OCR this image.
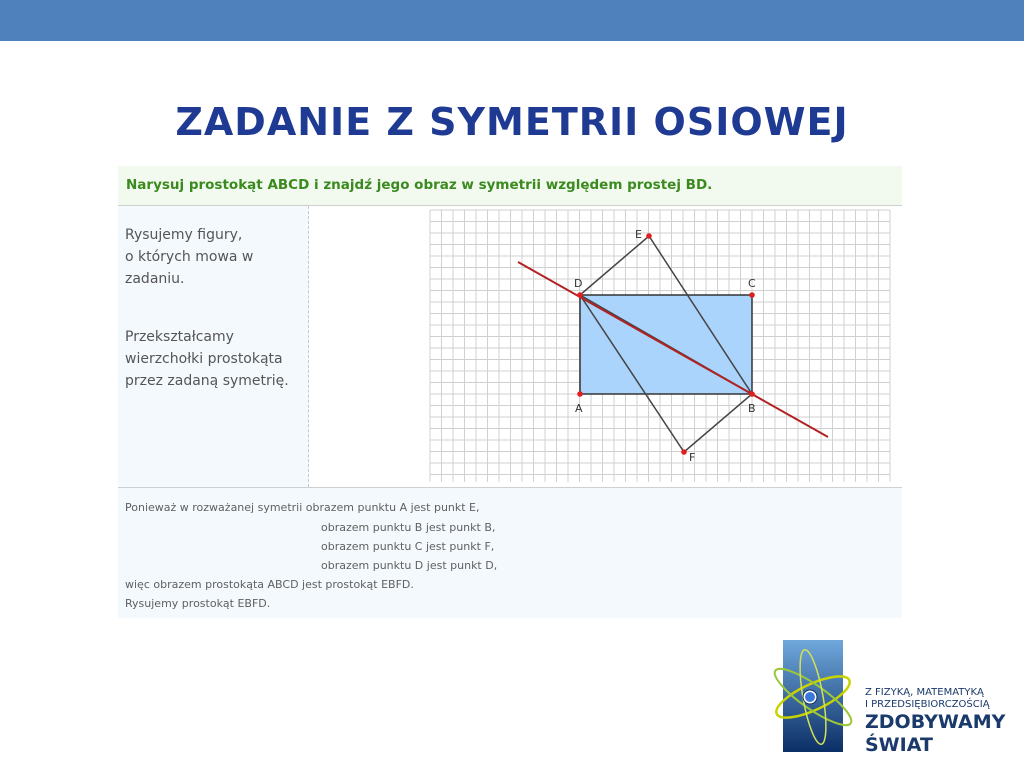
ZADANIE Z SYMETRII OSIOWEJ
Narysuj prostokąt ABCD i znajdź jego obraz w symetrii względem prostej BD.
Rysujemy figury,
o których mowa w
zadaniu.
Przekształcamy
wierzchołki prostokąta
przez zadaną symetrię.
A	B
C
D
E
F
Ponieważ w rozważanej symetrii obrazem punktu A jest punkt E,
obrazem punktu B jest punkt B,
obrazem punktu C jest punkt F,
obrazem punktu D jest punkt D,
więc obrazem prostokąta ABCD jest prostokąt EBFD.
Rysujemy prostokąt EBFD.
Z FIZYKĄ, MATEMATYKĄ
I PRZEDSIĘBIORCZOŚCIĄ
ZDOBYWAMY
ŚWIAT
